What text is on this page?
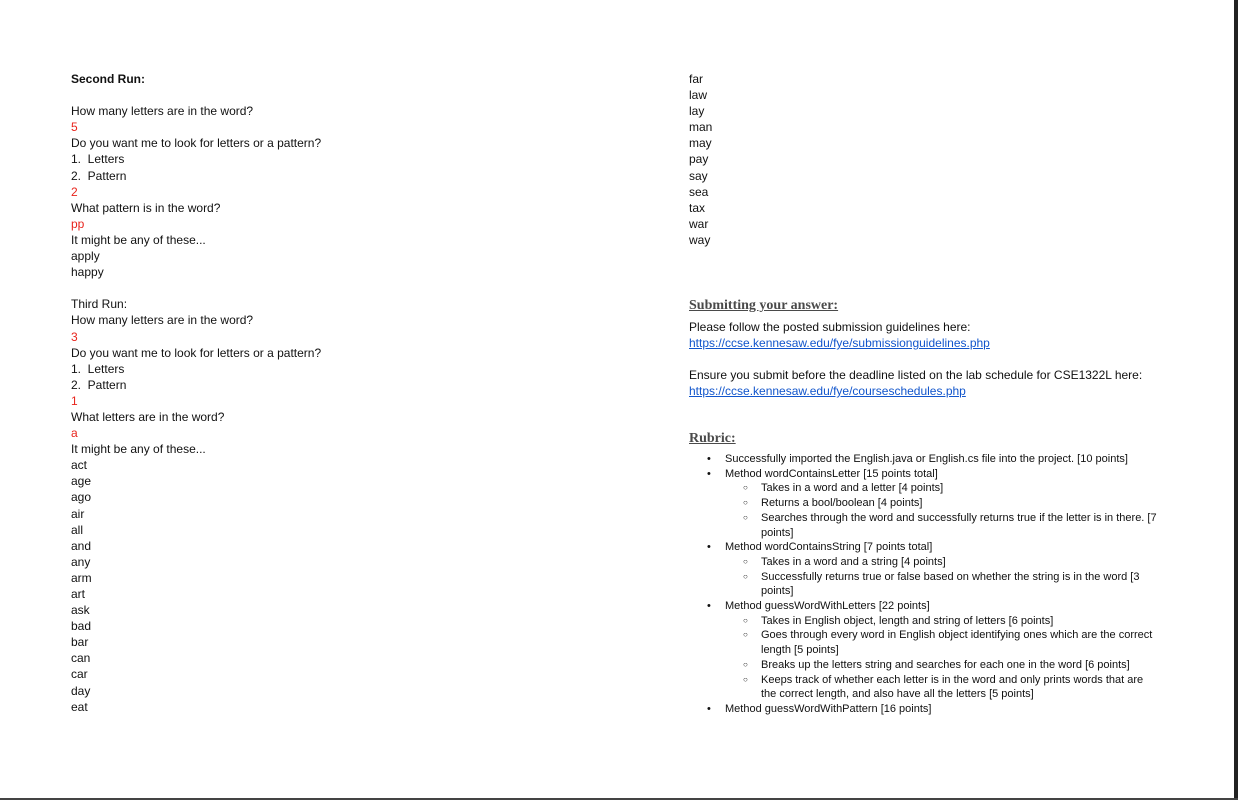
Second Run:
How many letters are in the word?
5
Do you want me to look for letters or a pattern?
1.  Letters
2.  Pattern
2
What pattern is in the word?
pp
It might be any of these...
apply
happy
Third Run:
How many letters are in the word?
3
Do you want me to look for letters or a pattern?
1.  Letters
2.  Pattern
1
What letters are in the word?
a
It might be any of these...
act
age
ago
air
all
and
any
arm
art
ask
bad
bar
can
car
day
eat
far
law
lay
man
may
pay
say
sea
tax
war
way
Submitting your answer:
Please follow the posted submission guidelines here:
https://ccse.kennesaw.edu/fye/submissionguidelines.php
Ensure you submit before the deadline listed on the lab schedule for CSE1322L here:
https://ccse.kennesaw.edu/fye/courseschedules.php
Rubric:
• Successfully imported the English.java or English.cs file into the project. [10 points]
• Method wordContainsLetter [15 points total]
○ Takes in a word and a letter [4 points]
○ Returns a bool/boolean [4 points]
○ Searches through the word and successfully returns true if the letter is in there. [7 points]
• Method wordContainsString [7 points total]
○ Takes in a word and a string [4 points]
○ Successfully returns true or false based on whether the string is in the word [3 points]
• Method guessWordWithLetters [22 points]
○ Takes in English object, length and string of letters [6 points]
○ Goes through every word in English object identifying ones which are the correct length [5 points]
○ Breaks up the letters string and searches for each one in the word [6 points]
○ Keeps track of whether each letter is in the word and only prints words that are the correct length, and also have all the letters [5 points]
• Method guessWordWithPattern [16 points]
